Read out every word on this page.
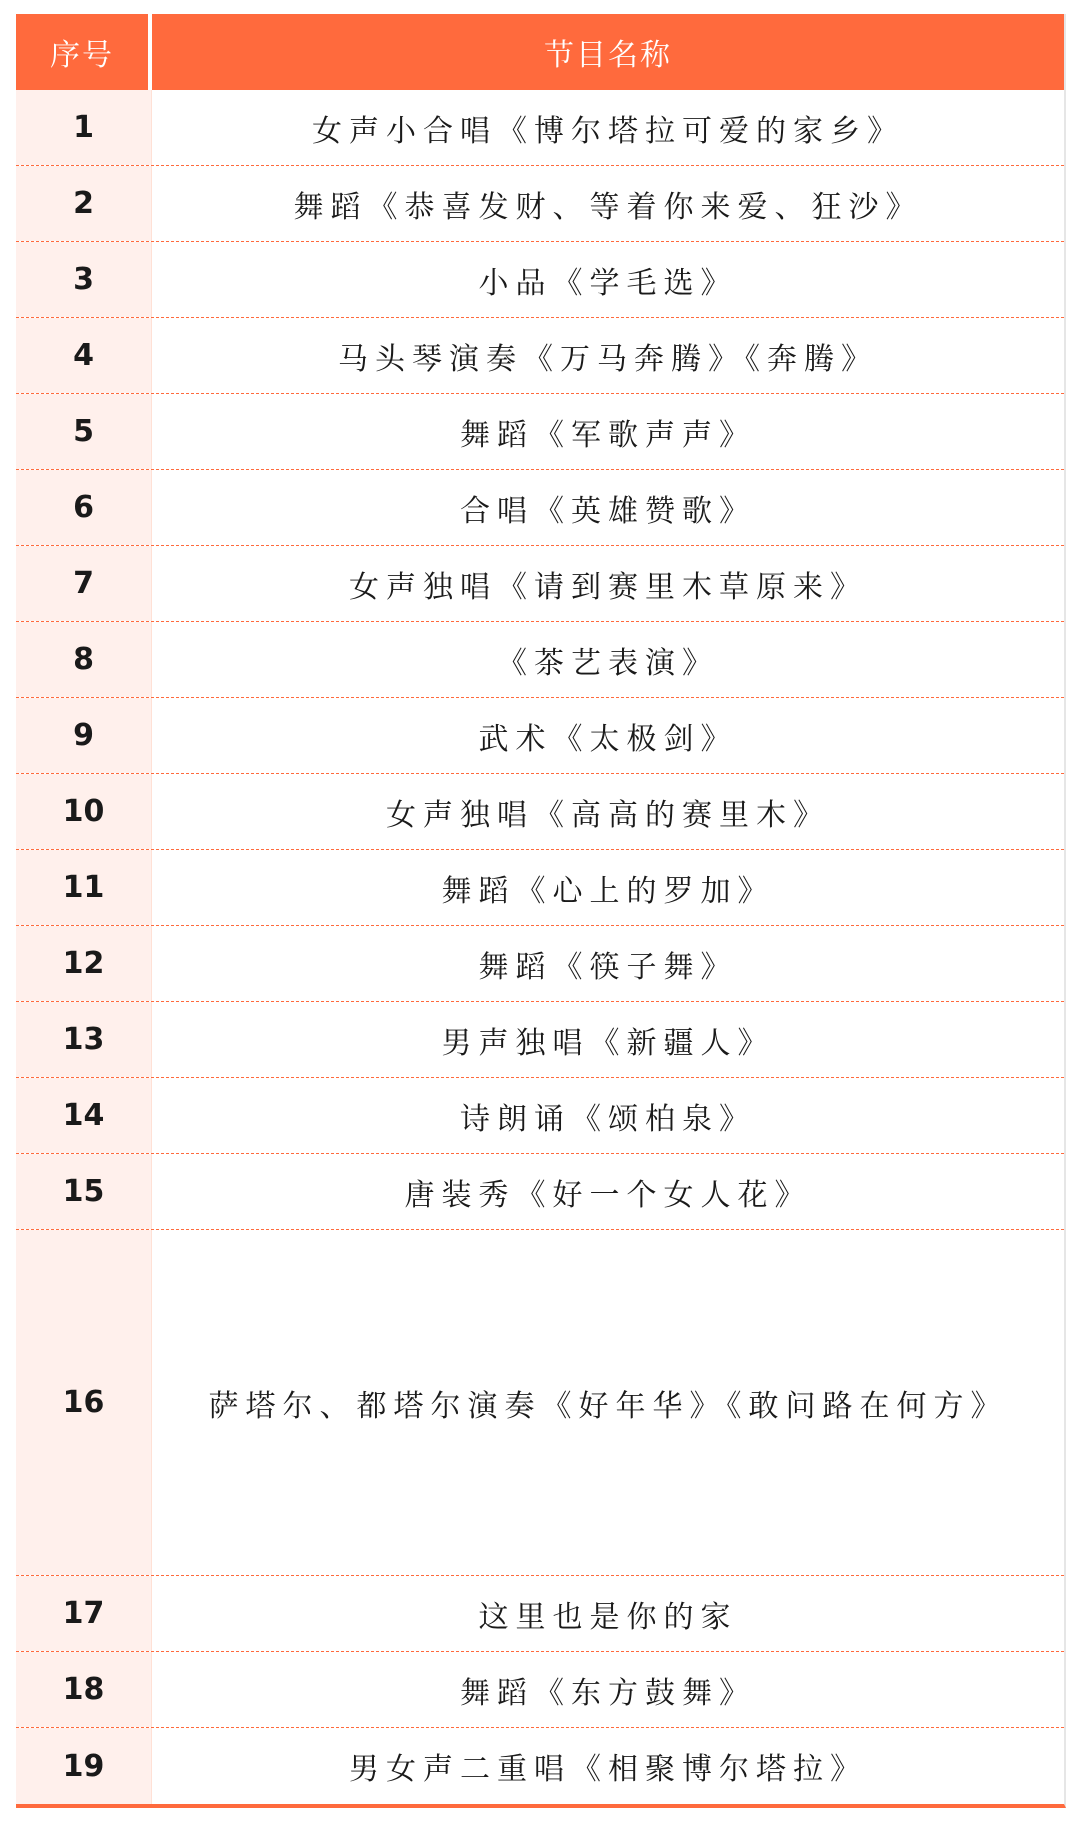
序号	节目名称
1	女声小合唱《博尔塔拉可爱的家乡》
2	舞蹈《恭喜发财、等着你来爱、狂沙》
3	小品《学毛选》
4	马头琴演奏《万马奔腾》《奔腾》
5	舞蹈《军歌声声》
6	合唱《英雄赞歌》
7	女声独唱《请到赛里木草原来》
8	《茶艺表演》
9	武术《太极剑》
10	女声独唱《高高的赛里木》
11	舞蹈《心上的罗加》
12	舞蹈《筷子舞》
13	男声独唱《新疆人》
14	诗朗诵《颂柏泉》
15	唐装秀《好一个女人花》
16	萨塔尔、都塔尔演奏《好年华》《敢问路在何方》
17	这里也是你的家
18	舞蹈《东方鼓舞》
19	男女声二重唱《相聚博尔塔拉》
